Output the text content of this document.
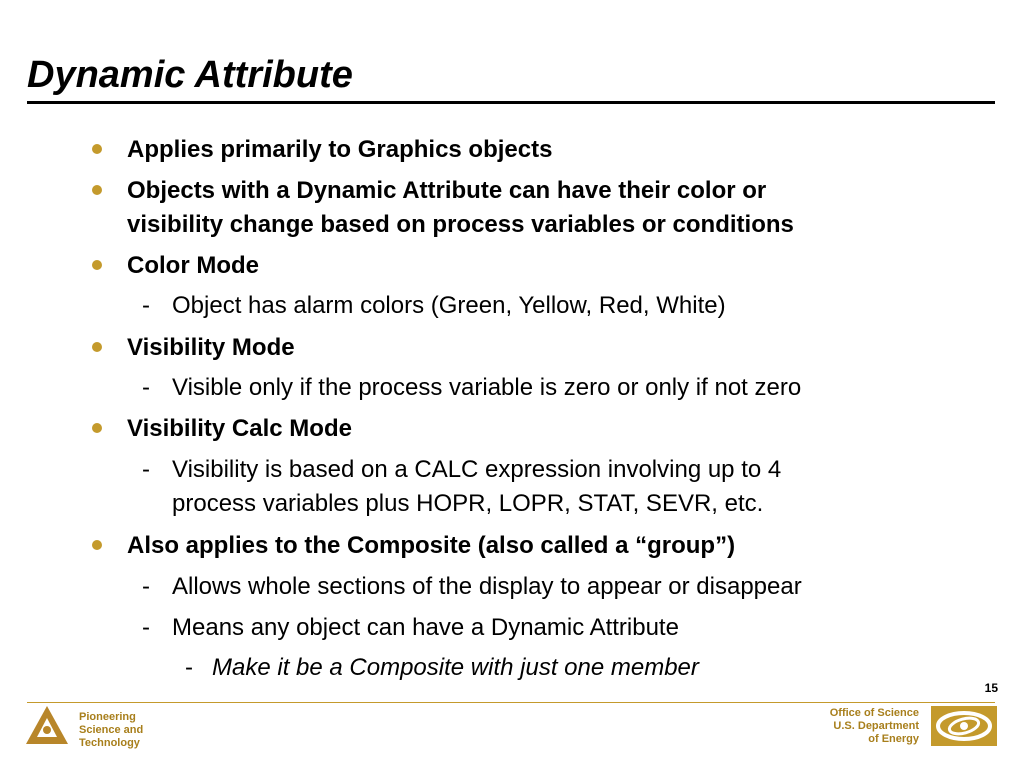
Dynamic Attribute
Applies primarily to Graphics objects
Objects with a Dynamic Attribute can have their color or
visibility change based on process variables or conditions
Color Mode
- Object has alarm colors (Green, Yellow, Red, White)
Visibility Mode
- Visible only if the process variable is zero or only if not zero
Visibility Calc Mode
- Visibility is based on a CALC expression involving up to 4
process variables plus HOPR, LOPR, STAT, SEVR, etc.
Also applies to the Composite (also called a “group”)
- Allows whole sections of the display to appear or disappear
- Means any object can have a Dynamic Attribute
- Make it be a Composite with just one member
15
Pioneering
Science and
Technology
Office of Science
U.S. Department
of Energy
